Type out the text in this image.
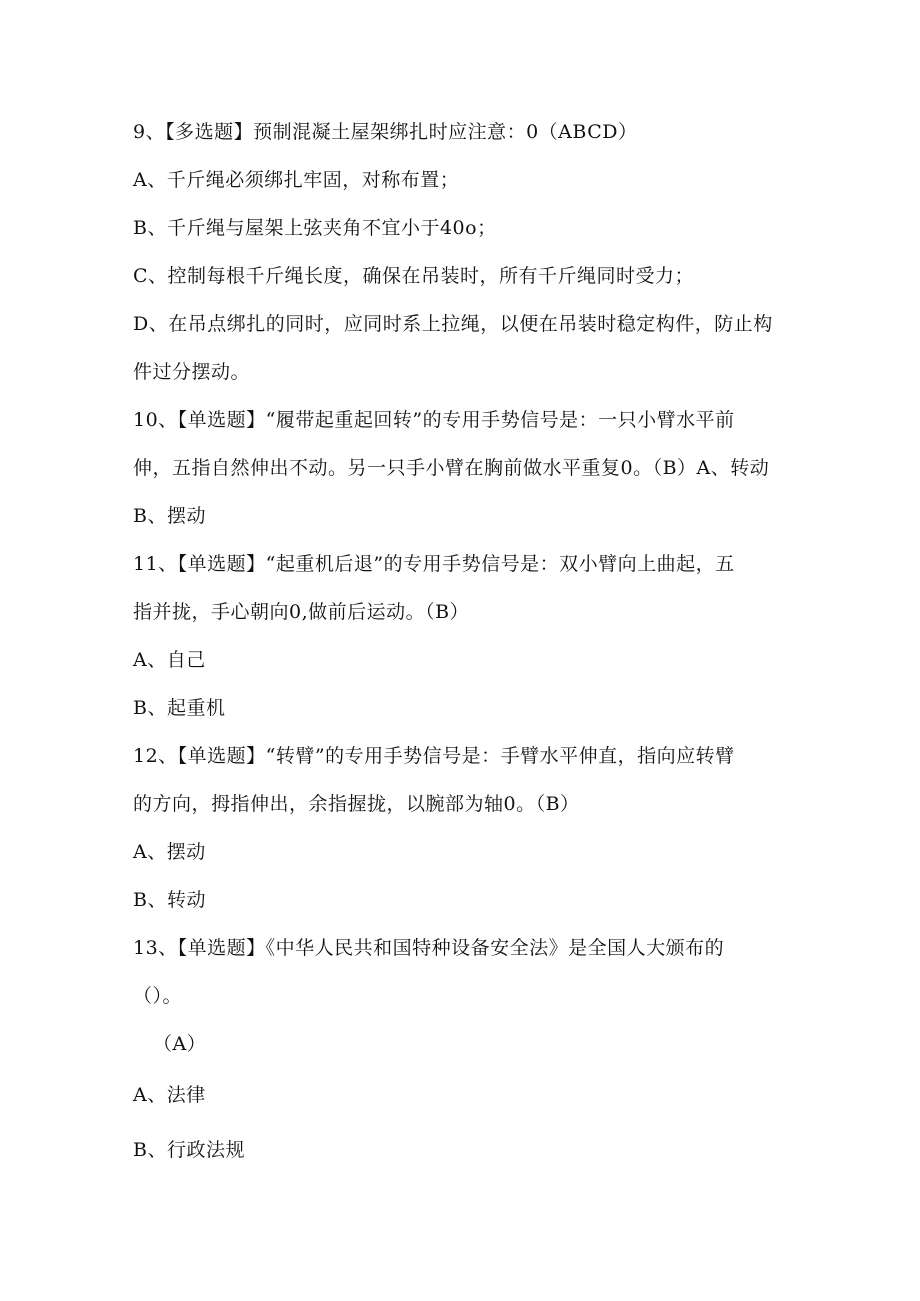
9、【多选题】预制混凝土屋架绑扎时应注意：0（ABCD）
A、千斤绳必须绑扎牢固，对称布置；
B、千斤绳与屋架上弦夹角不宜小于40o；
C、控制每根千斤绳长度，确保在吊装时，所有千斤绳同时受力；
D、在吊点绑扎的同时，应同时系上拉绳，以便在吊装时稳定构件，防止构
件过分摆动。
10、【单选题】“履带起重起回转”的专用手势信号是：一只小臂水平前
伸，五指自然伸出不动。另一只手小臂在胸前做水平重复0。（B）A、转动
B、摆动
11、【单选题】“起重机后退”的专用手势信号是：双小臂向上曲起，五
指并拢，手心朝向0,做前后运动。（B）
A、自己
B、起重机
12、【单选题】“转臂”的专用手势信号是：手臂水平伸直，指向应转臂
的方向，拇指伸出，余指握拢，以腕部为轴0。（B）
A、摆动
B、转动
13、【单选题】《中华人民共和国特种设备安全法》是全国人大颁布的
（）。
（A）
A、法律
B、行政法规
